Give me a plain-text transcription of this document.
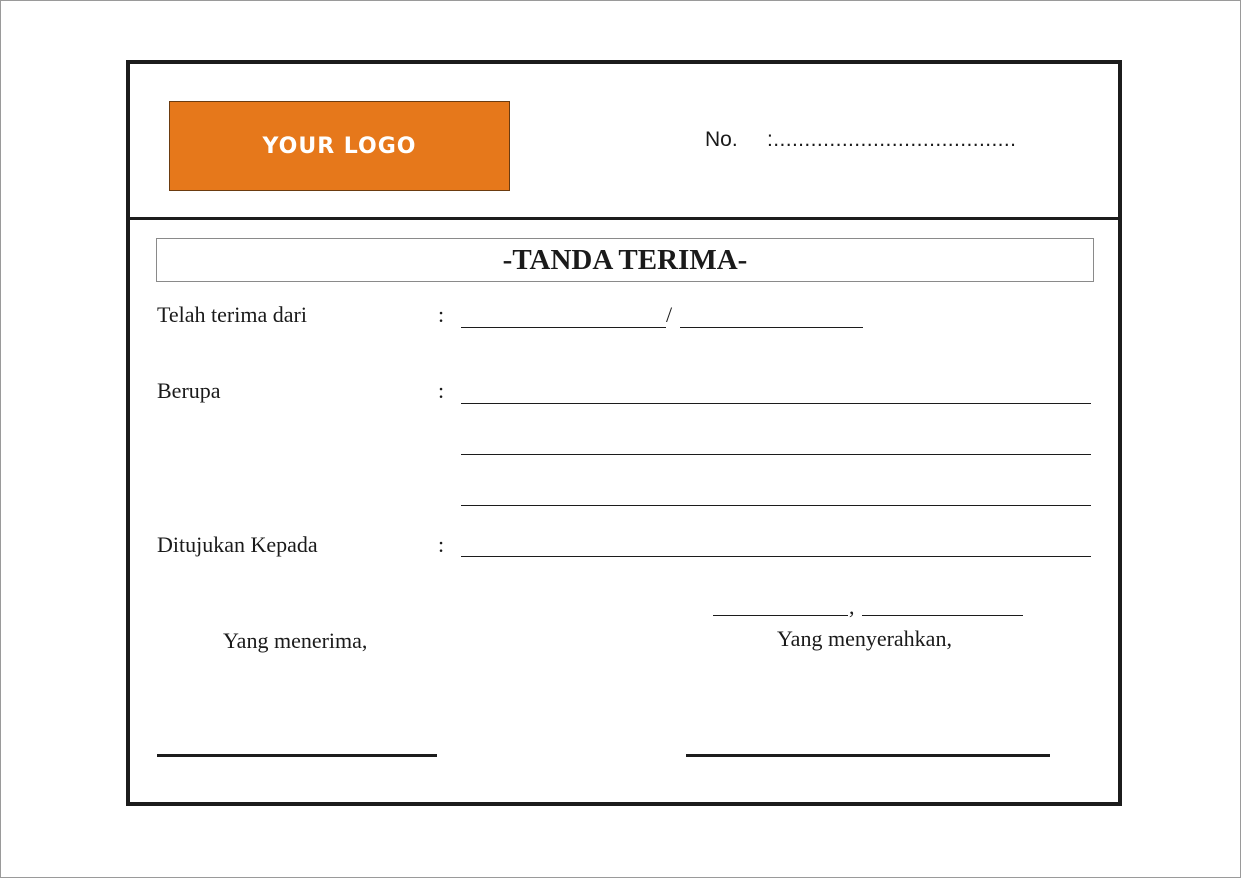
YOUR LOGO	No. :.......................................
-TANDA TERIMA-
Telah terima dari	:	/
Berupa	:
Ditujukan Kepada	:
,
Yang menerima,	Yang menyerahkan,
